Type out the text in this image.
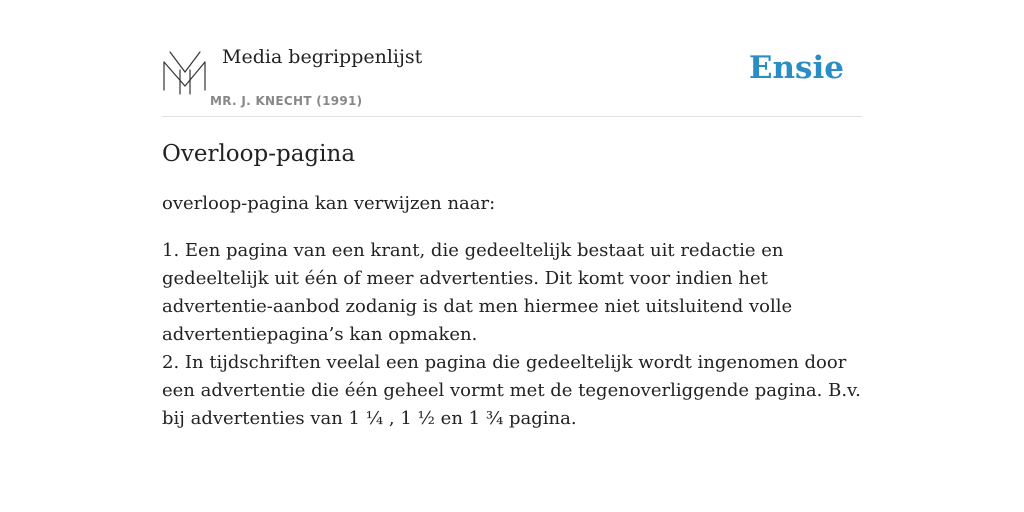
Media begrippenlijst
MR. J. KNECHT (1991)
Ensie
Overloop-pagina

overloop-pagina kan verwijzen naar:

1. Een pagina van een krant, die gedeeltelijk bestaat uit redactie en gedeeltelijk uit één of meer advertenties. Dit komt voor indien het advertentie-aanbod zodanig is dat men hiermee niet uitsluitend volle advertentiepagina’s kan opmaken.
2. In tijdschriften veelal een pagina die gedeeltelijk wordt ingenomen door een advertentie die één geheel vormt met de tegenoverliggende pagina. B.v. bij advertenties van 1 ¼ , 1 ½ en 1 ¾ pagina.
